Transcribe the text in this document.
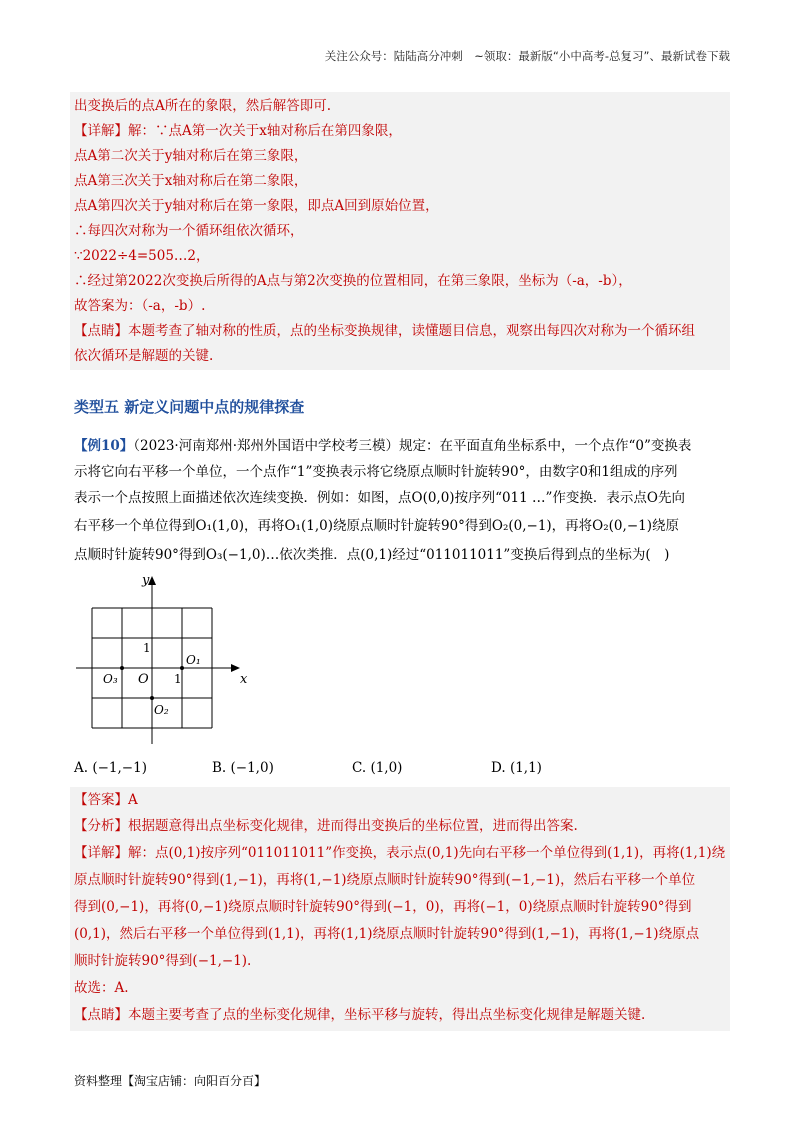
关注公众号：陆陆高分冲刺　~领取：最新版“小中高考-总复习”、最新试卷下载
出变换后的点A所在的象限，然后解答即可.
【详解】解：∵点A第一次关于x轴对称后在第四象限，
点A第二次关于y轴对称后在第三象限，
点A第三次关于x轴对称后在第二象限，
点A第四次关于y轴对称后在第一象限，即点A回到原始位置，
∴每四次对称为一个循环组依次循环，
∵2022÷4=505…2，
∴经过第2022次变换后所得的A点与第2次变换的位置相同，在第三象限，坐标为（-a，-b），
故答案为：（-a，-b）.
【点睛】本题考查了轴对称的性质，点的坐标变换规律，读懂题目信息，观察出每四次对称为一个循环组
依次循环是解题的关键.
类型五 新定义问题中点的规律探查
【例10】（2023·河南郑州·郑州外国语中学校考三模）规定：在平面直角坐标系中，一个点作“0”变换表
示将它向右平移一个单位，一个点作“1”变换表示将它绕原点顺时针旋转90°，由数字0和1组成的序列
表示一个点按照上面描述依次连续变换．例如：如图，点O(0,0)按序列“011 …”作变换．表示点O先向
右平移一个单位得到O₁(1,0)，再将O₁(1,0)绕原点顺时针旋转90°得到O₂(0,−1)，再将O₂(0,−1)绕原
点顺时针旋转90°得到O₃(−1,0)…依次类推．点(0,1)经过“011011011”变换后得到点的坐标为(　)
x
y
O 1
1
O₁
O₂
O₃
A. (−1,−1)	B. (−1,0)	C. (1,0)	D. (1,1)
【答案】A
【分析】根据题意得出点坐标变化规律，进而得出变换后的坐标位置，进而得出答案.
【详解】解：点(0,1)按序列“011011011”作变换，表示点(0,1)先向右平移一个单位得到(1,1)，再将(1,1)绕
原点顺时针旋转90°得到(1,−1)，再将(1,−1)绕原点顺时针旋转90°得到(−1,−1)，然后右平移一个单位
得到(0,−1)，再将(0,−1)绕原点顺时针旋转90°得到(−1，0)，再将(−1，0)绕原点顺时针旋转90°得到
(0,1)，然后右平移一个单位得到(1,1)，再将(1,1)绕原点顺时针旋转90°得到(1,−1)，再将(1,−1)绕原点
顺时针旋转90°得到(−1,−1).
故选：A.
【点睛】本题主要考查了点的坐标变化规律，坐标平移与旋转，得出点坐标变化规律是解题关键.
资料整理【淘宝店铺：向阳百分百】
